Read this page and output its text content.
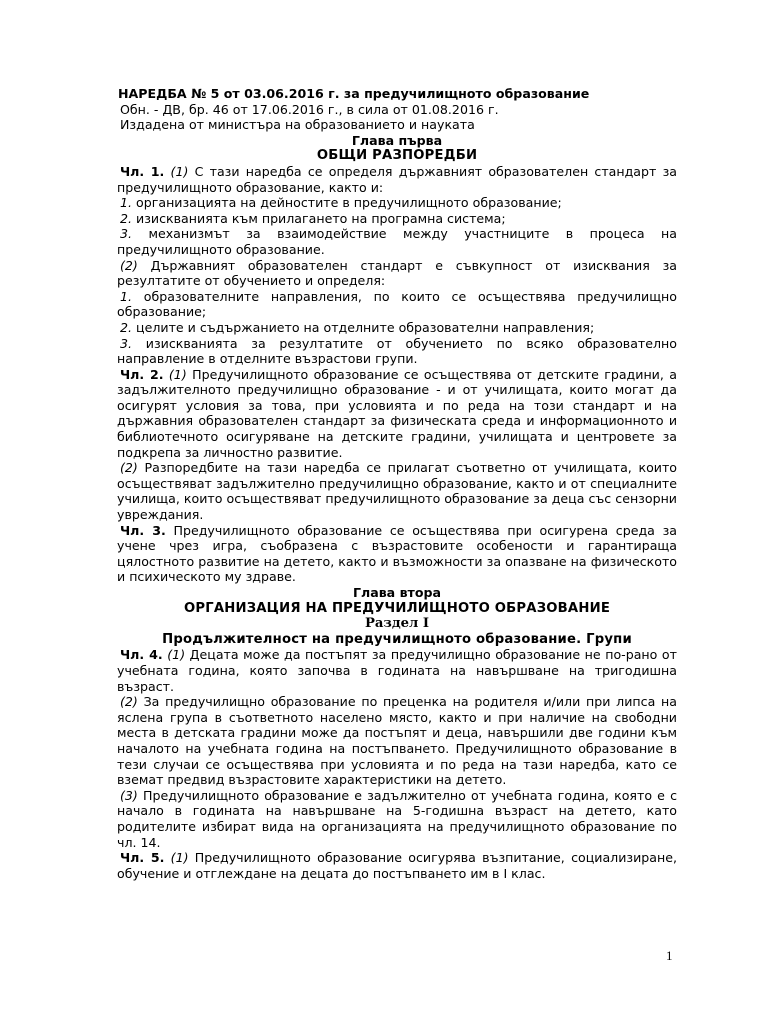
НАРЕДБА № 5 от 03.06.2016 г. за предучилищното образование

Обн. - ДВ, бр. 46 от 17.06.2016 г., в сила от 01.08.2016 г.

Издадена от министъра на образованието и науката

Глава първа

ОБЩИ РАЗПОРЕДБИ

Чл. 1. (1) С тази наредба се определя държавният образователен стандарт за предучилищното образование, както и:

1. организацията на дейностите в предучилищното образование;

2. изискванията към прилагането на програмна система;

3. механизмът за взаимодействие между участниците в процеса на предучилищното образование.

(2) Държавният образователен стандарт е съвкупност от изисквания за резултатите от обучението и определя:

1. образователните направления, по които се осъществява предучилищно образование;

2. целите и съдържанието на отделните образователни направления;

3. изискванията за резултатите от обучението по всяко образователно направление в отделните възрастови групи.

Чл. 2. (1) Предучилищното образование се осъществява от детските градини, а задължителното предучилищно образование - и от училищата, които могат да осигурят условия за това, при условията и по реда на този стандарт и на държавния образователен стандарт за физическата среда и информационното и библиотечното осигуряване на детските градини, училищата и центровете за подкрепа за личностно развитие.

(2) Разпоредбите на тази наредба се прилагат съответно от училищата, които осъществяват задължително предучилищно образование, както и от специалните училища, които осъществяват предучилищното образование за деца със сензорни увреждания.

Чл. 3. Предучилищното образование се осъществява при осигурена среда за учене чрез игра, съобразена с възрастовите особености и гарантираща цялостното развитие на детето, както и възможности за опазване на физическото и психическото му здраве.

Глава втора

ОРГАНИЗАЦИЯ НА ПРЕДУЧИЛИЩНОТО ОБРАЗОВАНИЕ

Раздел I

Продължителност на предучилищното образование. Групи

Чл. 4. (1) Децата може да постъпят за предучилищно образование не по-рано от учебната година, която започва в годината на навършване на тригодишна възраст.

(2) За предучилищно образование по преценка на родителя и/или при липса на яслена група в съответното населено място, както и при наличие на свободни места в детската градини може да постъпят и деца, навършили две години към началото на учебната година на постъпването. Предучилищното образование в тези случаи се осъществява при условията и по реда на тази наредба, като се вземат предвид възрастовите характеристики на детето.

(3) Предучилищното образование е задължително от учебната година, която е с начало в годината на навършване на 5-годишна възраст на детето, като родителите избират вида на организацията на предучилищното образование по чл. 14.

Чл. 5. (1) Предучилищното образование осигурява възпитание, социализиране, обучение и отглеждане на децата до постъпването им в I клас.

1
